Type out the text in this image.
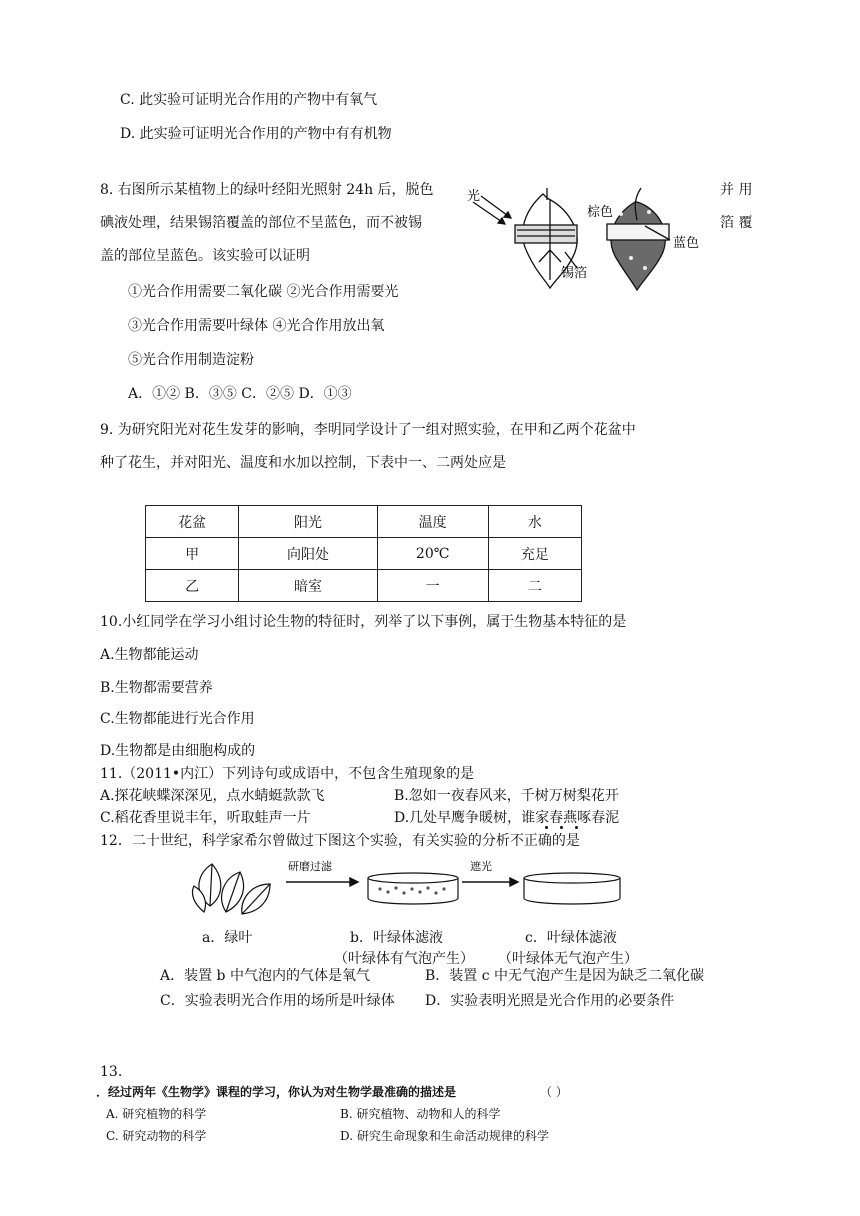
C. 此实验可证明光合作用的产物中有氧气
D. 此实验可证明光合作用的产物中有有机物
8. 右图所示某植物上的绿叶经阳光照射 24h 后，脱色	并 用
碘液处理，结果锡箔覆盖的部位不呈蓝色，而不被锡	箔 覆
盖的部位呈蓝色。该实验可以证明
①光合作用需要二氧化碳 ②光合作用需要光
③光合作用需要叶绿体 ④光合作用放出氧
⑤光合作用制造淀粉
A．①② B．③⑤ C．②⑤ D．①③
光
锡箔
棕色
蓝色
9. 为研究阳光对花生发芽的影响，李明同学设计了一组对照实验，在甲和乙两个花盆中
种了花生，并对阳光、温度和水加以控制，下表中一、二两处应是
花盆	阳光	温度	水
甲	向阳处	20℃	充足
乙	暗室	一	二
10.小红同学在学习小组讨论生物的特征时，列举了以下事例，属于生物基本特征的是
A.生物都能运动
B.生物都需要营养
C.生物都能进行光合作用
D.生物都是由细胞构成的
11.（2011•内江）下列诗句或成语中，不包含生殖现象的是
A.探花峡蝶深深见，点水蜻蜓款款飞	B.忽如一夜春风来，千树万树梨花开
C.稻花香里说丰年，听取蛙声一片	D.几处早鹰争暖树，谁家春燕啄春泥
12．二十世纪，科学家希尔曾做过下图这个实验，有关实验的分析不正确的是
研磨过滤	遮光
a．绿叶	b．叶绿体滤液	c．叶绿体滤液
（叶绿体有气泡产生） （叶绿体无气泡产生）
A．装置 b 中气泡内的气体是氧气	B．装置 c 中无气泡产生是因为缺乏二氧化碳
C．实验表明光合作用的场所是叶绿体 D．实验表明光照是光合作用的必要条件
13.
．经过两年《生物学》课程的学习，你认为对生物学最准确的描述是	（ ）
A. 研究植物的科学	B. 研究植物、动物和人的科学
C. 研究动物的科学	D. 研究生命现象和生命活动规律的科学
